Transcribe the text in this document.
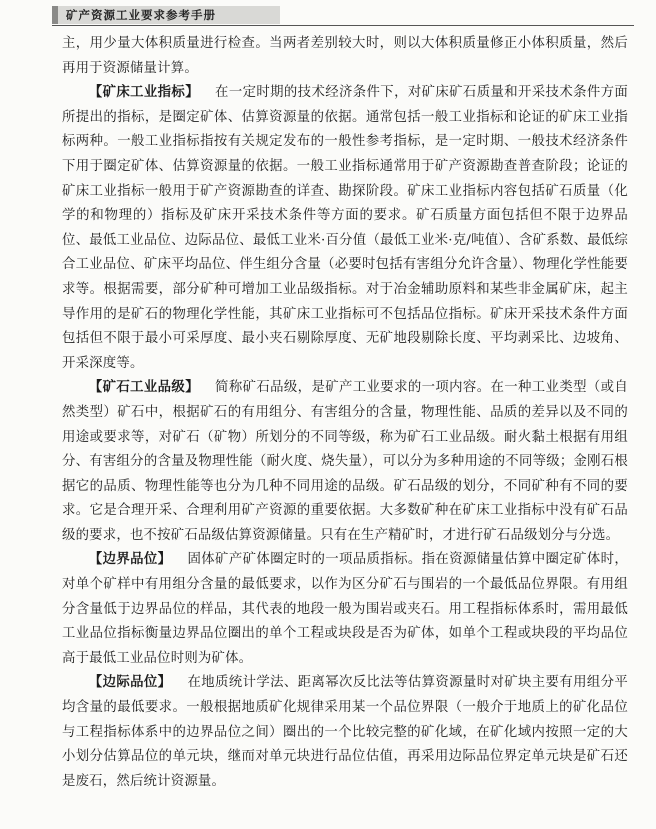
矿产资源工业要求参考手册

主，用少量大体积质量进行检查。当两者差别较大时，则以大体积质量修正小体积质量，然后再用于资源储量计算。

【矿床工业指标】 在一定时期的技术经济条件下，对矿床矿石质量和开采技术条件方面所提出的指标，是圈定矿体、估算资源量的依据。通常包括一般工业指标和论证的矿床工业指标两种。一般工业指标指按有关规定发布的一般性参考指标，是一定时期、一般技术经济条件下用于圈定矿体、估算资源量的依据。一般工业指标通常用于矿产资源勘查普查阶段；论证的矿床工业指标一般用于矿产资源勘查的详查、勘探阶段。矿床工业指标内容包括矿石质量（化学的和物理的）指标及矿床开采技术条件等方面的要求。矿石质量方面包括但不限于边界品位、最低工业品位、边际品位、最低工业米·百分值（最低工业米·克/吨值）、含矿系数、最低综合工业品位、矿床平均品位、伴生组分含量（必要时包括有害组分允许含量）、物理化学性能要求等。根据需要，部分矿种可增加工业品级指标。对于冶金辅助原料和某些非金属矿床，起主导作用的是矿石的物理化学性能，其矿床工业指标可不包括品位指标。矿床开采技术条件方面包括但不限于最小可采厚度、最小夹石剔除厚度、无矿地段剔除长度、平均剥采比、边坡角、开采深度等。

【矿石工业品级】 简称矿石品级，是矿产工业要求的一项内容。在一种工业类型（或自然类型）矿石中，根据矿石的有用组分、有害组分的含量，物理性能、品质的差异以及不同的用途或要求等，对矿石（矿物）所划分的不同等级，称为矿石工业品级。耐火黏土根据有用组分、有害组分的含量及物理性能（耐火度、烧失量），可以分为多种用途的不同等级；金刚石根据它的品质、物理性能等也分为几种不同用途的品级。矿石品级的划分，不同矿种有不同的要求。它是合理开采、合理利用矿产资源的重要依据。大多数矿种在矿床工业指标中没有矿石品级的要求，也不按矿石品级估算资源储量。只有在生产精矿时，才进行矿石品级划分与分选。

【边界品位】 固体矿产矿体圈定时的一项品质指标。指在资源储量估算中圈定矿体时，对单个矿样中有用组分含量的最低要求，以作为区分矿石与围岩的一个最低品位界限。有用组分含量低于边界品位的样品，其代表的地段一般为围岩或夹石。用工程指标体系时，需用最低工业品位指标衡量边界品位圈出的单个工程或块段是否为矿体，如单个工程或块段的平均品位高于最低工业品位时则为矿体。

【边际品位】 在地质统计学法、距离幂次反比法等估算资源量时对矿块主要有用组分平均含量的最低要求。一般根据地质矿化规律采用某一个品位界限（一般介于地质上的矿化品位与工程指标体系中的边界品位之间）圈出的一个比较完整的矿化域，在矿化域内按照一定的大小划分估算品位的单元块，继而对单元块进行品位估值，再采用边际品位界定单元块是矿石还是废石，然后统计资源量。
